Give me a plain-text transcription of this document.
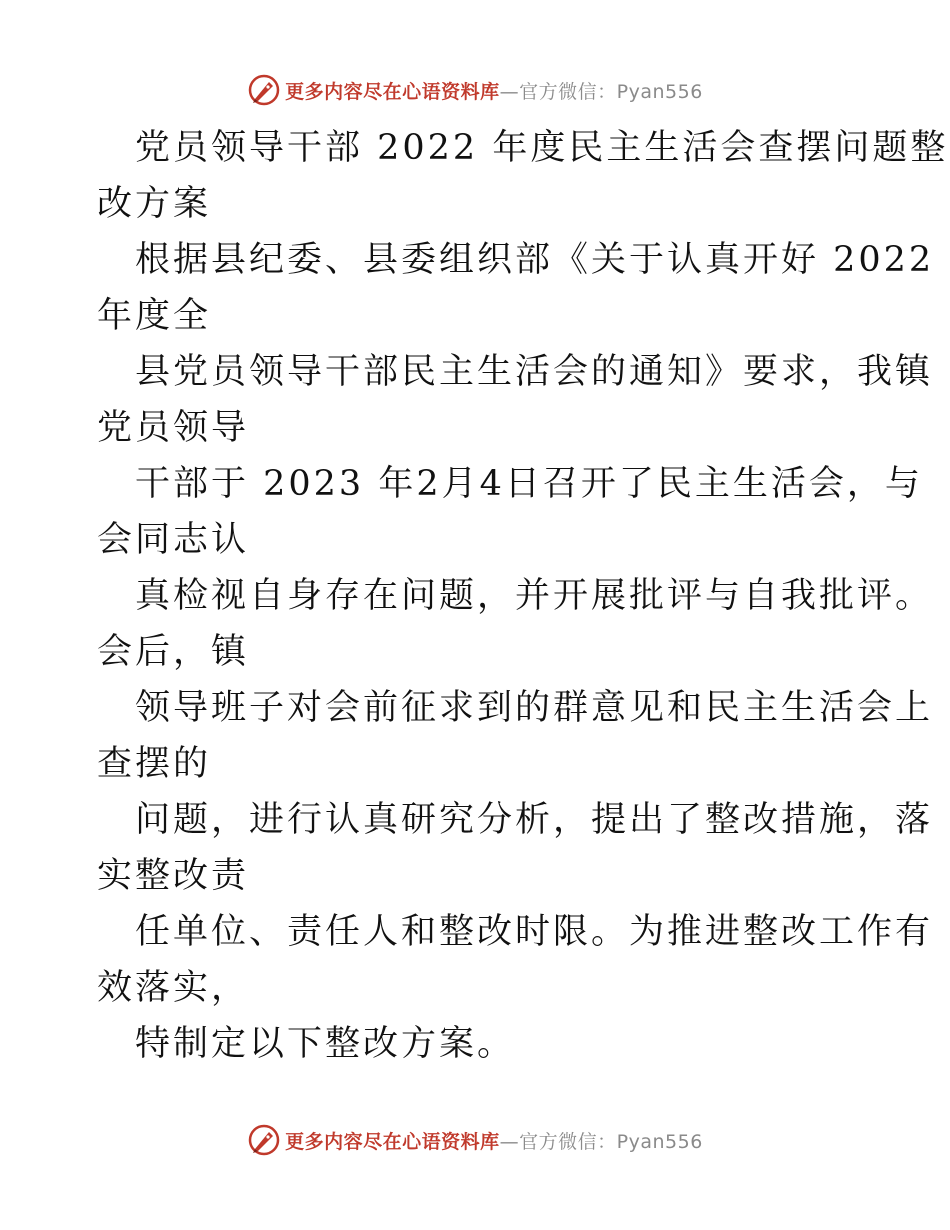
更多内容尽在心语资料库 —官方微信：Pyan556
党员领导干部 2022 年度民主生活会查摆问题整
改方案
根据县纪委、县委组织部《关于认真开好 2022
年度全
县党员领导干部民主生活会的通知》要求，我镇
党员领导
干部于 2023 年2月4日召开了民主生活会，与
会同志认
真检视自身存在问题，并开展批评与自我批评。
会后，镇
领导班子对会前征求到的群意见和民主生活会上
查摆的
问题，进行认真研究分析，提出了整改措施，落
实整改责
任单位、责任人和整改时限。为推进整改工作有
效落实，
特制定以下整改方案。
更多内容尽在心语资料库 —官方微信：Pyan556
